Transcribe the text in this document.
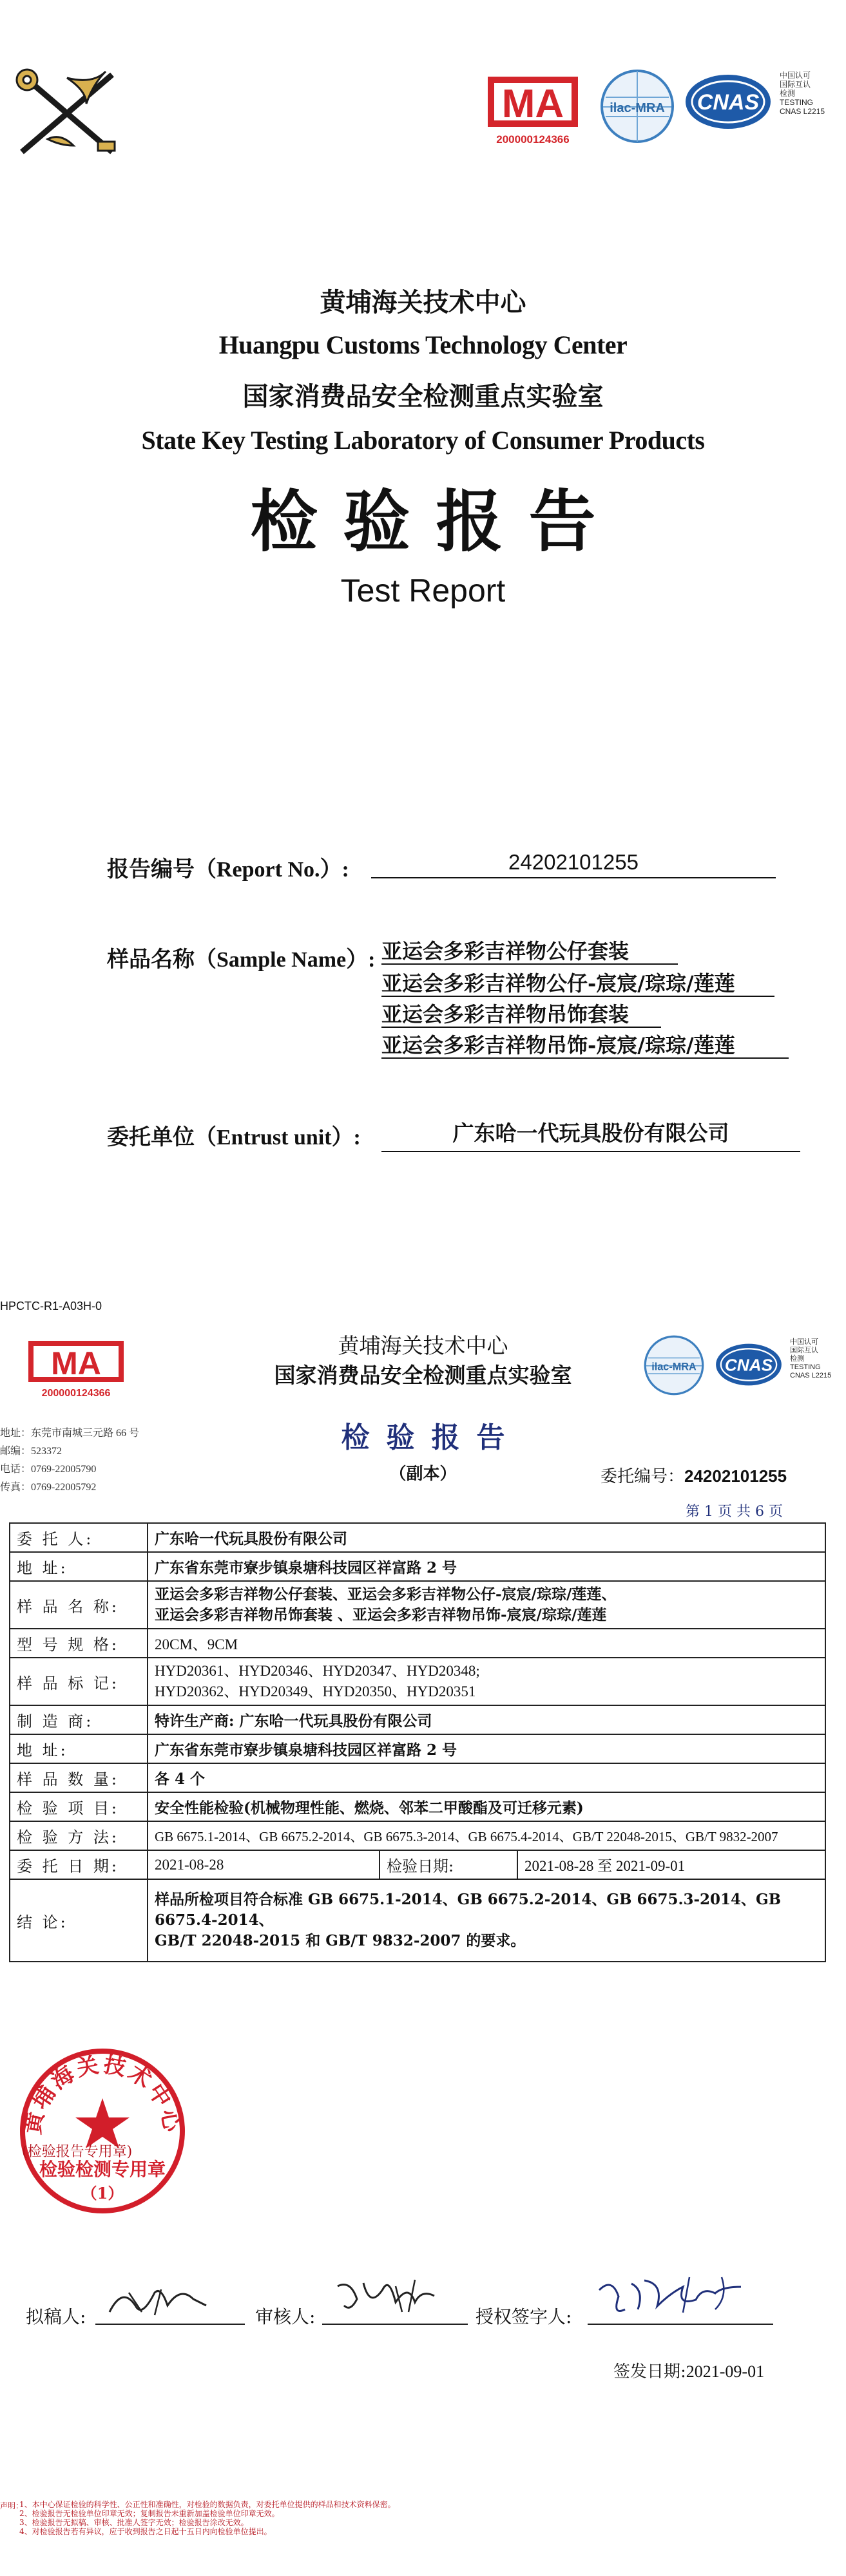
MA
200000124366
ilac-MRA CNAS
中国认可
国际互认
检测
TESTING
CNAS L2215
黄埔海关技术中心
Huangpu Customs Technology Center
国家消费品安全检测重点实验室
State Key Testing Laboratory of Consumer Products
检验报告
Test Report
报告编号（Report No.）:	24202101255
样品名称（Sample Name）: 亚运会多彩吉祥物公仔套装
亚运会多彩吉祥物公仔-宸宸/琮琮/莲莲
亚运会多彩吉祥物吊饰套装
亚运会多彩吉祥物吊饰-宸宸/琮琮/莲莲
委托单位（Entrust unit）:	广东哈一代玩具股份有限公司
HPCTC-R1-A03H-0
MA
200000124366
黄埔海关技术中心
国家消费品安全检测重点实验室	ilac-MRA CNAS
中国认可
国际互认
检测
TESTING
CNAS L2215
地址：东莞市南城三元路 66 号
邮编：523372
电话：0769-22005790
传真：0769-22005792
检验报告
（副本）	委托编号：24202101255
第 1 页 共 6 页
委 托 人:	广东哈一代玩具股份有限公司		
地 址:	广东省东莞市寮步镇泉塘科技园区祥富路 2 号		
样 品 名 称:	亚运会多彩吉祥物公仔套装、亚运会多彩吉祥物公仔-宸宸/琮琮/莲莲、
亚运会多彩吉祥物吊饰套装 、亚运会多彩吉祥物吊饰-宸宸/琮琮/莲莲		

型 号 规 格:	20CM、9CM		
样 品 标 记:	HYD20361、HYD20346、HYD20347、HYD20348;
HYD20362、HYD20349、HYD20350、HYD20351		

制 造 商:	特许生产商: 广东哈一代玩具股份有限公司		
地 址:	广东省东莞市寮步镇泉塘科技园区祥富路 2 号		
样 品 数 量:	各 4 个		
检 验 项 目:	安全性能检验(机械物理性能、燃烧、邻苯二甲酸酯及可迁移元素)		
检 验 方 法:	GB 6675.1-2014、GB 6675.2-2014、GB 6675.3-2014、GB 6675.4-2014、GB/T 22048-2015、GB/T 9832-2007		
委 托 日 期:	2021-08-28	检验日期:	2021-08-28 至 2021-09-01
结 论:	样品所检项目符合标准 GB 6675.1-2014、GB 6675.2-2014、GB 6675.3-2014、GB 6675.4-2014、
GB/T 22048-2015 和 GB/T 9832-2007 的要求。		
黄埔海关技术中心
检验检测专用章
（1）
(检验报告专用章)
拟稿人:	审核人:	授权签字人:
签发日期:2021-09-01
声明：
1、本中心保证检验的科学性、公正性和准确性，对检验的数据负责，对委托单位提供的样品和技术资料保密。
2、检验报告无检验单位印章无效；复制报告未重新加盖检验单位印章无效。
3、检验报告无拟稿、审核、批准人签字无效；检验报告涂改无效。
4、对检验报告若有异议，应于收到报告之日起十五日内向检验单位提出。
